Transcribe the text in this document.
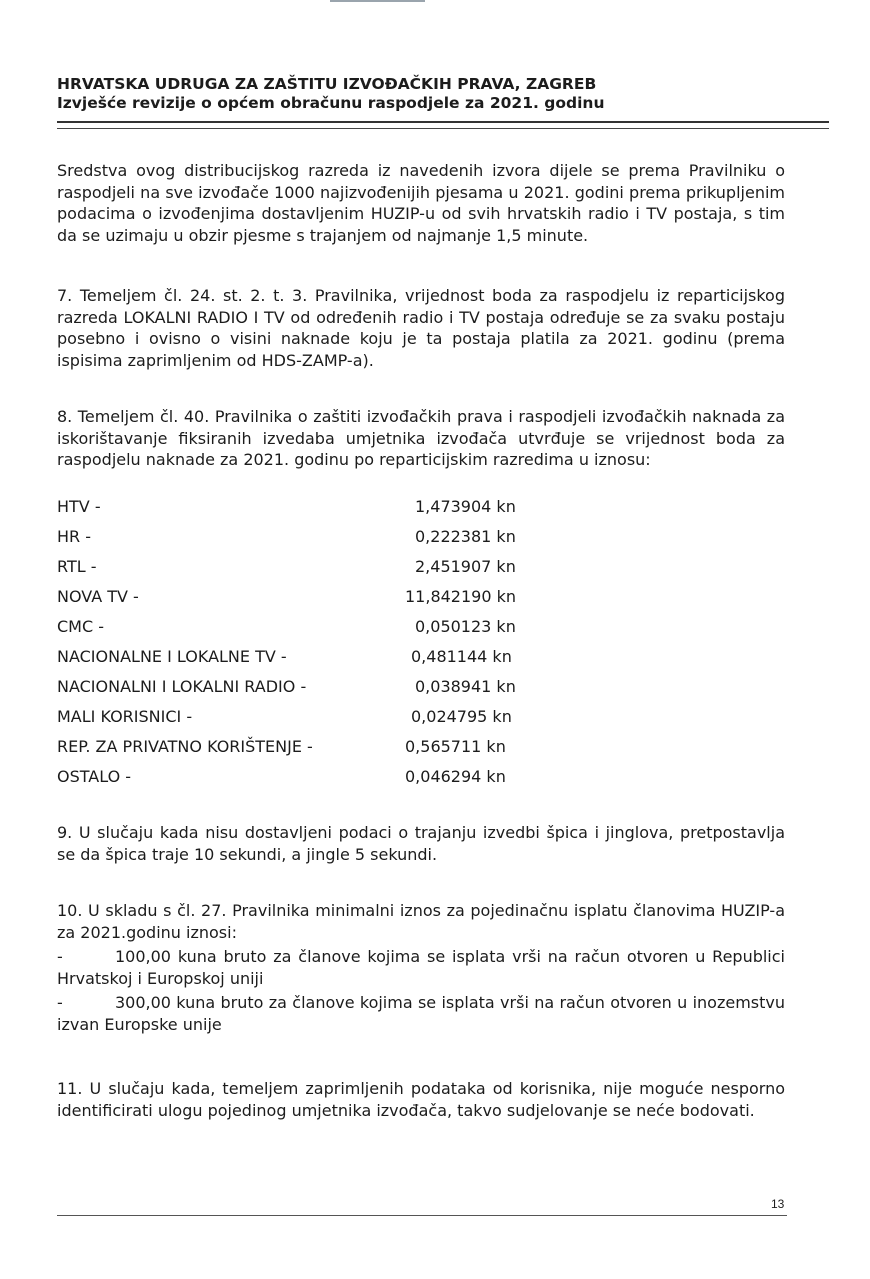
HRVATSKA UDRUGA ZA ZAŠTITU IZVOĐAČKIH PRAVA, ZAGREB
Izvješće revizije o općem obračunu raspodjele za 2021. godinu
Sredstva ovog distribucijskog razreda iz navedenih izvora dijele se prema Pravilniku o raspodjeli na sve izvođače 1000 najizvođenijih pjesama u 2021. godini prema prikupljenim podacima o izvođenjima dostavljenim HUZIP-u od svih hrvatskih radio i TV postaja, s tim da se uzimaju u obzir pjesme s trajanjem od najmanje 1,5 minute.
7. Temeljem čl. 24. st. 2. t. 3. Pravilnika, vrijednost boda za raspodjelu iz reparticijskog razreda LOKALNI RADIO I TV od određenih radio i TV postaja određuje se za svaku postaju posebno i ovisno o visini naknade koju je ta postaja platila za 2021. godinu (prema ispisima zaprimljenim od HDS-ZAMP-a).
8. Temeljem čl. 40. Pravilnika o zaštiti izvođačkih prava i raspodjeli izvođačkih naknada za iskorištavanje fiksiranih izvedaba umjetnika izvođača utvrđuje se vrijednost boda za raspodjelu naknade za 2021. godinu po reparticijskim razredima u iznosu:
HTV -	1,473904 kn
HR -	0,222381 kn
RTL -	2,451907 kn
NOVA TV -	11,842190 kn
CMC -	0,050123 kn
NACIONALNE I LOKALNE TV -	0,481144 kn
NACIONALNI I LOKALNI RADIO -	0,038941 kn
MALI KORISNICI -	0,024795 kn
REP. ZA PRIVATNO KORIŠTENJE -	0,565711 kn
OSTALO -	0,046294 kn
9. U slučaju kada nisu dostavljeni podaci o trajanju izvedbi špica i jinglova, pretpostavlja se da špica traje 10 sekundi, a jingle 5 sekundi.
10. U skladu s čl. 27. Pravilnika minimalni iznos za pojedinačnu isplatu članovima HUZIP-a za 2021.godinu iznosi:
-	100,00 kuna bruto za članove kojima se isplata vrši na račun otvoren u Republici Hrvatskoj i Europskoj uniji
-	300,00 kuna bruto za članove kojima se isplata vrši na račun otvoren u inozemstvu izvan Europske unije
11. U slučaju kada, temeljem zaprimljenih podataka od korisnika, nije moguće nesporno identificirati ulogu pojedinog umjetnika izvođača, takvo sudjelovanje se neće bodovati.
13
